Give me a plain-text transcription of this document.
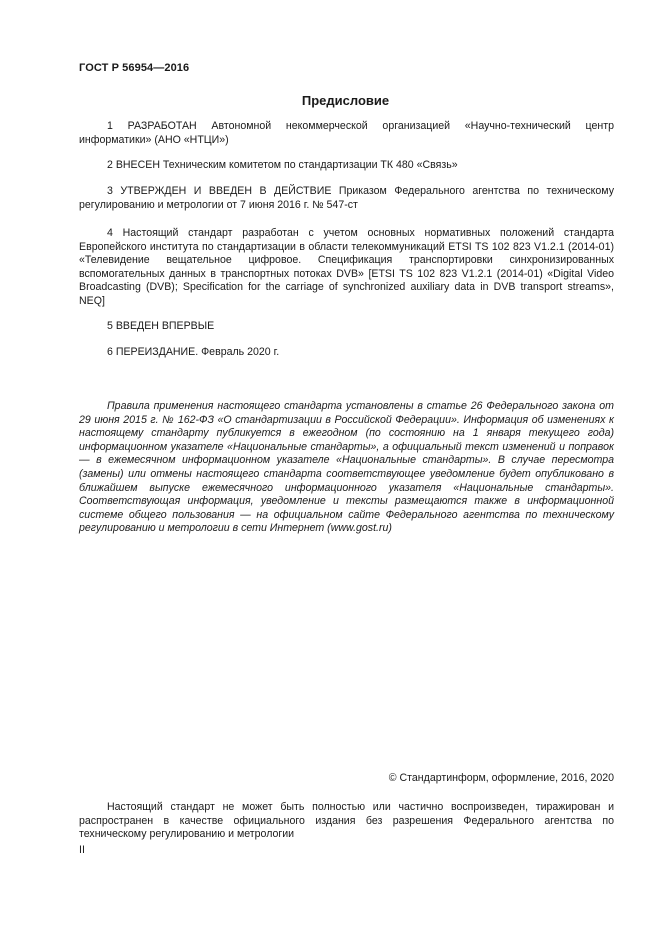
ГОСТ Р 56954—2016
Предисловие

1 РАЗРАБОТАН Автономной некоммерческой организацией «Научно-технический центр информатики» (АНО «НТЦИ»)

2 ВНЕСЕН Техническим комитетом по стандартизации ТК 480 «Связь»

3 УТВЕРЖДЕН И ВВЕДЕН В ДЕЙСТВИЕ Приказом Федерального агентства по техническому регулированию и метрологии от 7 июня 2016 г. № 547-ст

4 Настоящий стандарт разработан с учетом основных нормативных положений стандарта Европейского института по стандартизации в области телекоммуникаций ETSI TS 102 823 V1.2.1 (2014-01) «Телевидение вещательное цифровое. Спецификация транспортировки синхронизированных вспомогательных данных в транспортных потоках DVB» [ETSI TS 102 823 V1.2.1 (2014-01) «Digital Video Broadcasting (DVB); Specification for the carriage of synchronized auxiliary data in DVB transport streams», NEQ]

5 ВВЕДЕН ВПЕРВЫЕ

6 ПЕРЕИЗДАНИЕ. Февраль 2020 г.

Правила применения настоящего стандарта установлены в статье 26 Федерального закона от 29 июня 2015 г. № 162-ФЗ «О стандартизации в Российской Федерации». Информация об изменениях к настоящему стандарту публикуется в ежегодном (по состоянию на 1 января текущего года) информационном указателе «Национальные стандарты», а официальный текст изменений и поправок — в ежемесячном информационном указателе «Национальные стандарты». В случае пересмотра (замены) или отмены настоящего стандарта соответствующее уведомление будет опубликовано в ближайшем выпуске ежемесячного информационного указателя «Национальные стандарты». Соответствующая информация, уведомление и тексты размещаются также в информационной системе общего пользования — на официальном сайте Федерального агентства по техническому регулированию и метрологии в сети Интернет (www.gost.ru)
© Стандартинформ, оформление, 2016, 2020
Настоящий стандарт не может быть полностью или частично воспроизведен, тиражирован и распространен в качестве официального издания без разрешения Федерального агентства по техническому регулированию и метрологии
II
